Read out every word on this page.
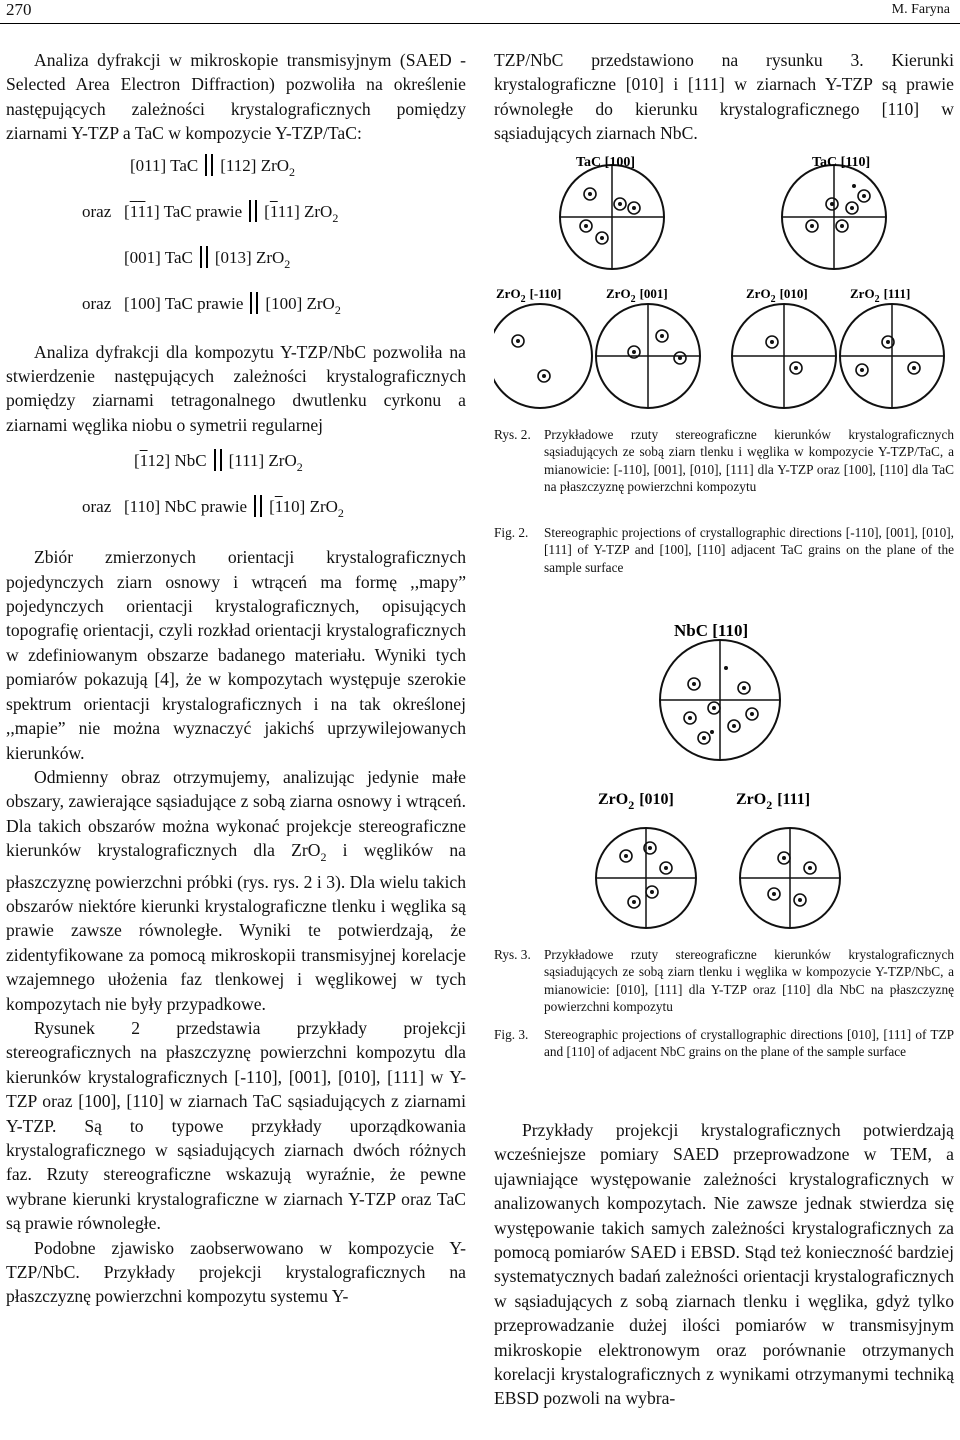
270	M. Faryna

Analiza dyfrakcji w mikroskopie transmisyjnym (SAED - Selected Area Electron Diffraction) pozwoliła na określenie następujących zależności krystalograficznych pomiędzy ziarnami Y-TZP a TaC w kompozycie Y-TZP/TaC:

[011] TaC [112] ZrO$_2$
oraz [111] TaC prawie [111] ZrO$_2$
[001] TaC [013] ZrO$_2$
oraz [100] TaC prawie [100] ZrO$_2$

Analiza dyfrakcji dla kompozytu Y-TZP/NbC pozwoliła na stwierdzenie następujących zależności krystalograficznych pomiędzy ziarnami tetragonalnego dwutlenku cyrkonu a ziarnami węglika niobu o symetrii regularnej

[112] NbC [111] ZrO$_2$
oraz [110] NbC prawie [110] ZrO$_2$

Zbiór zmierzonych orientacji krystalograficznych pojedynczych ziarn osnowy i wtrąceń ma formę ,,mapy” pojedynczych orientacji krystalograficznych, opisujących topografię orientacji, czyli rozkład orientacji krystalograficznych w zdefiniowanym obszarze badanego materiału. Wyniki tych pomiarów pokazują [4], że w kompozytach występuje szerokie spektrum orientacji krystalograficznych i na tak określonej ,,mapie” nie można wyznaczyć jakichś uprzywilejowanych kierunków.

Odmienny obraz otrzymujemy, analizując jedynie małe obszary, zawierające sąsiadujące z sobą ziarna osnowy i wtrąceń. Dla takich obszarów można wykonać projekcje stereograficzne kierunków krystalograficznych dla ZrO$_2$ i węglików na płaszczyznę powierzchni próbki (rys. rys. 2 i 3). Dla wielu takich obszarów niektóre kierunki krystalograficzne tlenku i węglika są prawie zawsze równoległe. Wyniki te potwierdzają, że zidentyfikowane za pomocą mikroskopii transmisyjnej korelacje wzajemnego ułożenia faz tlenkowej i węglikowej w tych kompozytach nie były przypadkowe.

Rysunek 2 przedstawia przykłady projekcji stereograficznych na płaszczyznę powierzchni kompozytu dla kierunków krystalograficznych [-110], [001], [010], [111] w Y-TZP oraz [100], [110] w ziarnach TaC sąsiadujących z ziarnami Y-TZP. Są to typowe przykłady uporządkowania krystalograficznego w sąsiadujących ziarnach dwóch różnych faz. Rzuty stereograficzne wskazują wyraźnie, że pewne wybrane kierunki krystalograficzne w ziarnach Y-TZP oraz TaC są prawie równoległe.

Podobne zjawisko zaobserwowano w kompozycie Y-TZP/NbC. Przykłady projekcji krystalograficznych na płaszczyznę powierzchni kompozytu systemu Y-

TZP/NbC przedstawiono na rysunku 3. Kierunki krystalograficzne [010] i [111] w ziarnach Y-TZP są prawie równoległe do kierunku krystalograficznego [110] w sąsiadujących ziarnach NbC.

TaC [100]	TaC [110]
ZrO$_2$ [-110]	ZrO$_2$ [001]	ZrO$_2$ [010]	ZrO$_2$ [111]
Rys. 2. Przykładowe rzuty stereograficzne kierunków krystalograficznych sąsiadujących ze sobą ziarn tlenku i węglika w kompozycie Y-TZP/TaC, a mianowicie: [-110], [001], [010], [111] dla Y-TZP oraz [100], [110] dla TaC na płaszczyznę powierzchni kompozytu
Fig. 2. Stereographic projections of crystallographic directions [-110], [001], [010], [111] of Y-TZP and [100], [110] adjacent TaC grains on the plane of the sample surface
NbC [110]
ZrO$_2$ [010]	ZrO$_2$ [111]
Rys. 3. Przykładowe rzuty stereograficzne kierunków krystalograficznych sąsiadujących ze sobą ziarn tlenku i węglika w kompozycie Y-TZP/NbC, a mianowicie: [010], [111] dla Y-TZP oraz [110] dla NbC na płaszczyznę powierzchni kompozytu
Fig. 3. Stereographic projections of crystallographic directions [010], [111] of TZP and [110] of adjacent NbC grains on the plane of the sample surface

Przykłady projekcji krystalograficznych potwierdzają wcześniejsze pomiary SAED przeprowadzone w TEM, a ujawniające występowanie zależności krystalograficznych w analizowanych kompozytach. Nie zawsze jednak stwierdza się występowanie takich samych zależności krystalograficznych za pomocą pomiarów SAED i EBSD. Stąd też konieczność bardziej systematycznych badań zależności orientacji krystalograficznych w sąsiadujących z sobą ziarnach tlenku i węglika, gdyż tylko przeprowadzanie dużej ilości pomiarów w transmisyjnym mikroskopie elektronowym oraz porównanie otrzymanych korelacji krystalograficznych z wynikami otrzymanymi techniką EBSD pozwoli na wybra-
